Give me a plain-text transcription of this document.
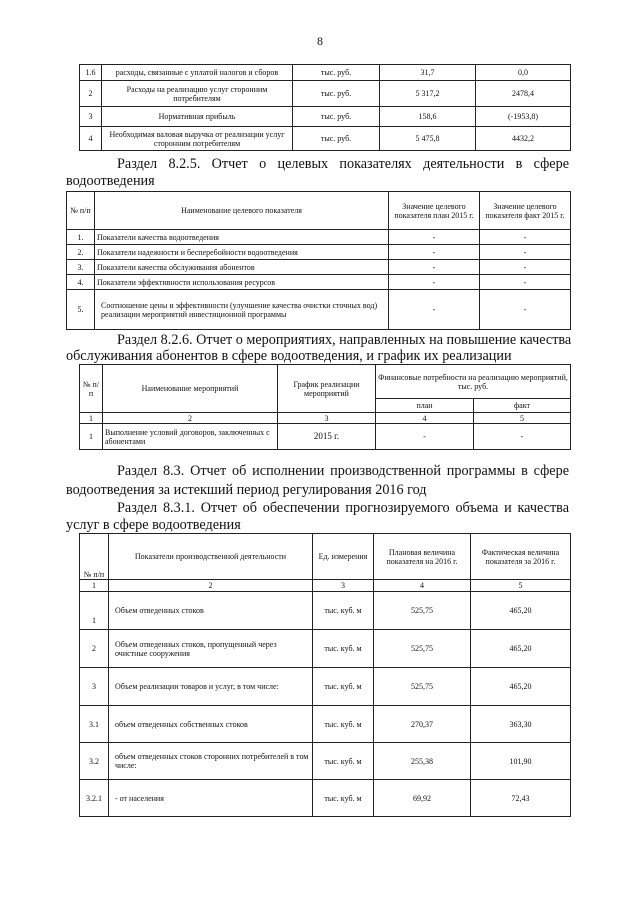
8
1.6	расходы, связанные с уплатой налогов и сборов	тыс. руб.	31,7	0,0
2	Расходы на реализацию услуг сторонним потребителям	тыс. руб.	5 317,2	2478,4
3	Нормативная прибыль	тыс. руб.	158,6	(-1953,8)
4	Необходимая валовая выручка от реализации услуг сторонним потребителям	тыс. руб.	5 475,8	4432,2
Раздел 8.2.5. Отчет о целевых показателях деятельности в сфере
водоотведения
№ п/п	Наименование целевого показателя	Значение целевого показателя план 2015 г.	Значение целевого показателя факт 2015 г.
1.	Показатели качества водоотведения	-	-
2.	Показатели надежности и бесперебойности водоотведения	-	-
3.	Показатели качества обслуживания абонентов	-	-
4.	Показатели эффективности использования ресурсов	-	-
5.	Соотношение цены и эффективности (улучшение качества очистки сточных вод) реализации мероприятий инвестиционной программы	-	-
Раздел 8.2.6. Отчет о мероприятиях, направленных на повышение качества
обслуживания абонентов в сфере водоотведения, и график их реализации
№ п/п	Наименование мероприятий	График реализации мероприятий	Финансовые потребности на реализацию мероприятий, тыс. руб.	
			план	факт
1	2	3	4	5
1	Выполнение условий договоров, заключенных с абонентами	2015 г.	-	-
Раздел 8.3. Отчет об исполнении производственной программы в сфере
водоотведения за истекший период регулирования 2016 год
Раздел 8.3.1. Отчет об обеспечении прогнозируемого объема и качества
услуг в сфере водоотведения
№ п/п	Показатели производственной деятельности	Ед. измерения	Плановая величина показателя на 2016 г.	Фактическая величина показателя за 2016 г.
1	2	3	4	5
1	Объем отведенных стоков	тыс. куб. м	525,75	465,20
2	Объем отведенных стоков, пропущенный через очистные сооружения	тыс. куб. м	525,75	465,20
3	Объем реализации товаров и услуг, в том числе:	тыс. куб. м	525,75	465,20
3.1	объем отведенных собственных стоков	тыс. куб. м	270,37	363,30
3.2	объем отведенных стоков сторонних потребителей в том числе:	тыс. куб. м	255,38	101,90
3.2.1	- от населения	тыс. куб. м	69,92	72,43
